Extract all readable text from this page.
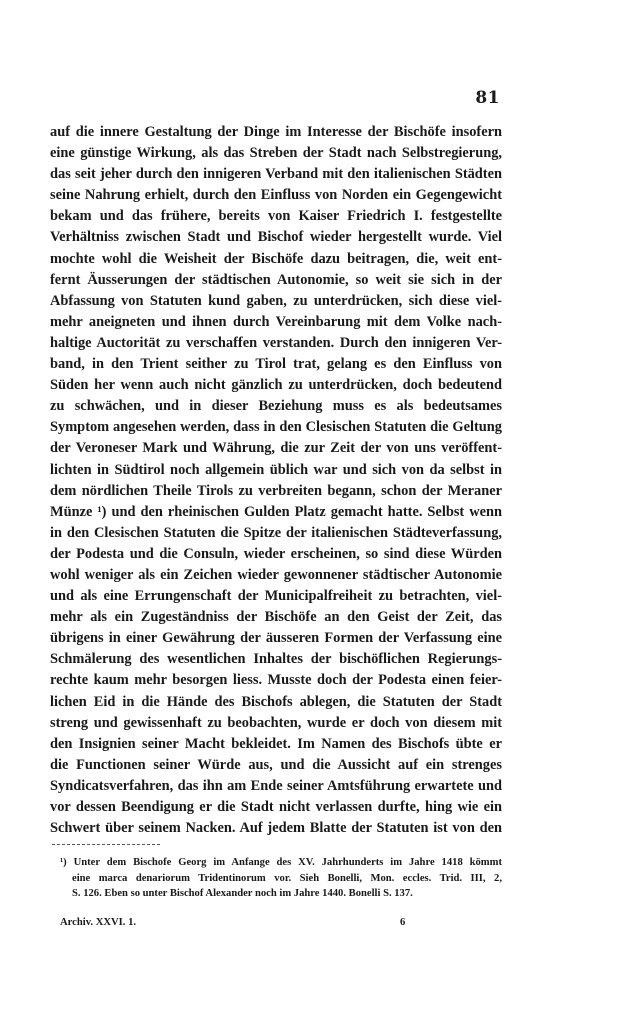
81
auf die innere Gestaltung der Dinge im Interesse der Bischöfe insofern
eine günstige Wirkung, als das Streben der Stadt nach Selbstregierung,
das seit jeher durch den innigeren Verband mit den italienischen Städten
seine Nahrung erhielt, durch den Einfluss von Norden ein Gegengewicht
bekam und das frühere, bereits von Kaiser Friedrich I. festgestellte
Verhältniss zwischen Stadt und Bischof wieder hergestellt wurde. Viel
mochte wohl die Weisheit der Bischöfe dazu beitragen, die, weit ent-
fernt Äusserungen der städtischen Autonomie, so weit sie sich in der
Abfassung von Statuten kund gaben, zu unterdrücken, sich diese viel-
mehr aneigneten und ihnen durch Vereinbarung mit dem Volke nach-
haltige Auctorität zu verschaffen verstanden. Durch den innigeren Ver-
band, in den Trient seither zu Tirol trat, gelang es den Einfluss von
Süden her wenn auch nicht gänzlich zu unterdrücken, doch bedeutend
zu schwächen, und in dieser Beziehung muss es als bedeutsames
Symptom angesehen werden, dass in den Clesischen Statuten die Geltung
der Veroneser Mark und Währung, die zur Zeit der von uns veröffent-
lichten in Südtirol noch allgemein üblich war und sich von da selbst in
dem nördlichen Theile Tirols zu verbreiten begann, schon der Meraner
Münze ¹) und den rheinischen Gulden Platz gemacht hatte. Selbst wenn
in den Clesischen Statuten die Spitze der italienischen Städteverfassung,
der Podesta und die Consuln, wieder erscheinen, so sind diese Würden
wohl weniger als ein Zeichen wieder gewonnener städtischer Autonomie
und als eine Errungenschaft der Municipalfreiheit zu betrachten, viel-
mehr als ein Zugeständniss der Bischöfe an den Geist der Zeit, das
übrigens in einer Gewährung der äusseren Formen der Verfassung eine
Schmälerung des wesentlichen Inhaltes der bischöflichen Regierungs-
rechte kaum mehr besorgen liess. Musste doch der Podesta einen feier-
lichen Eid in die Hände des Bischofs ablegen, die Statuten der Stadt
streng und gewissenhaft zu beobachten, wurde er doch von diesem mit
den Insignien seiner Macht bekleidet. Im Namen des Bischofs übte er
die Functionen seiner Würde aus, und die Aussicht auf ein strenges
Syndicatsverfahren, das ihn am Ende seiner Amtsführung erwartete und
vor dessen Beendigung er die Stadt nicht verlassen durfte, hing wie ein
Schwert über seinem Nacken. Auf jedem Blatte der Statuten ist von den
¹) Unter dem Bischofe Georg im Anfange des XV. Jahrhunderts im Jahre 1418 kömmt
eine marca denariorum Tridentinorum vor. Sieh Bonelli, Mon. eccles. Trid. III, 2,
S. 126. Eben so unter Bischof Alexander noch im Jahre 1440. Bonelli S. 137.
Archiv. XXVI. 1.	6
